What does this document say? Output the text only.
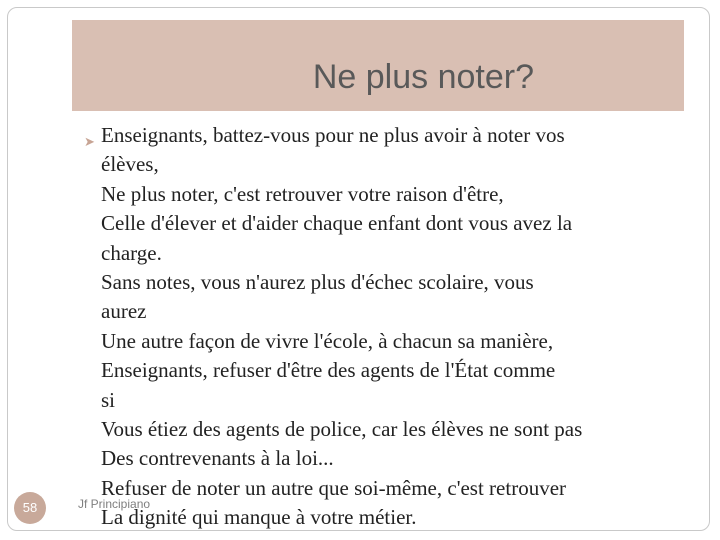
Ne plus noter?
➤ Enseignants, battez-vous pour ne plus avoir à noter vos
élèves,
Ne plus noter, c'est retrouver votre raison d'être,
Celle d'élever et d'aider chaque enfant dont vous avez la
charge.
Sans notes, vous n'aurez plus d'échec scolaire, vous
aurez
Une autre façon de vivre l'école, à chacun sa manière,
Enseignants, refuser d'être des agents de l'État comme
si
Vous étiez des agents de police, car les élèves ne sont pas
Des contrevenants à la loi...
Refuser de noter un autre que soi-même, c'est retrouver
La dignité qui manque à votre métier.
Jf Principiano
58
